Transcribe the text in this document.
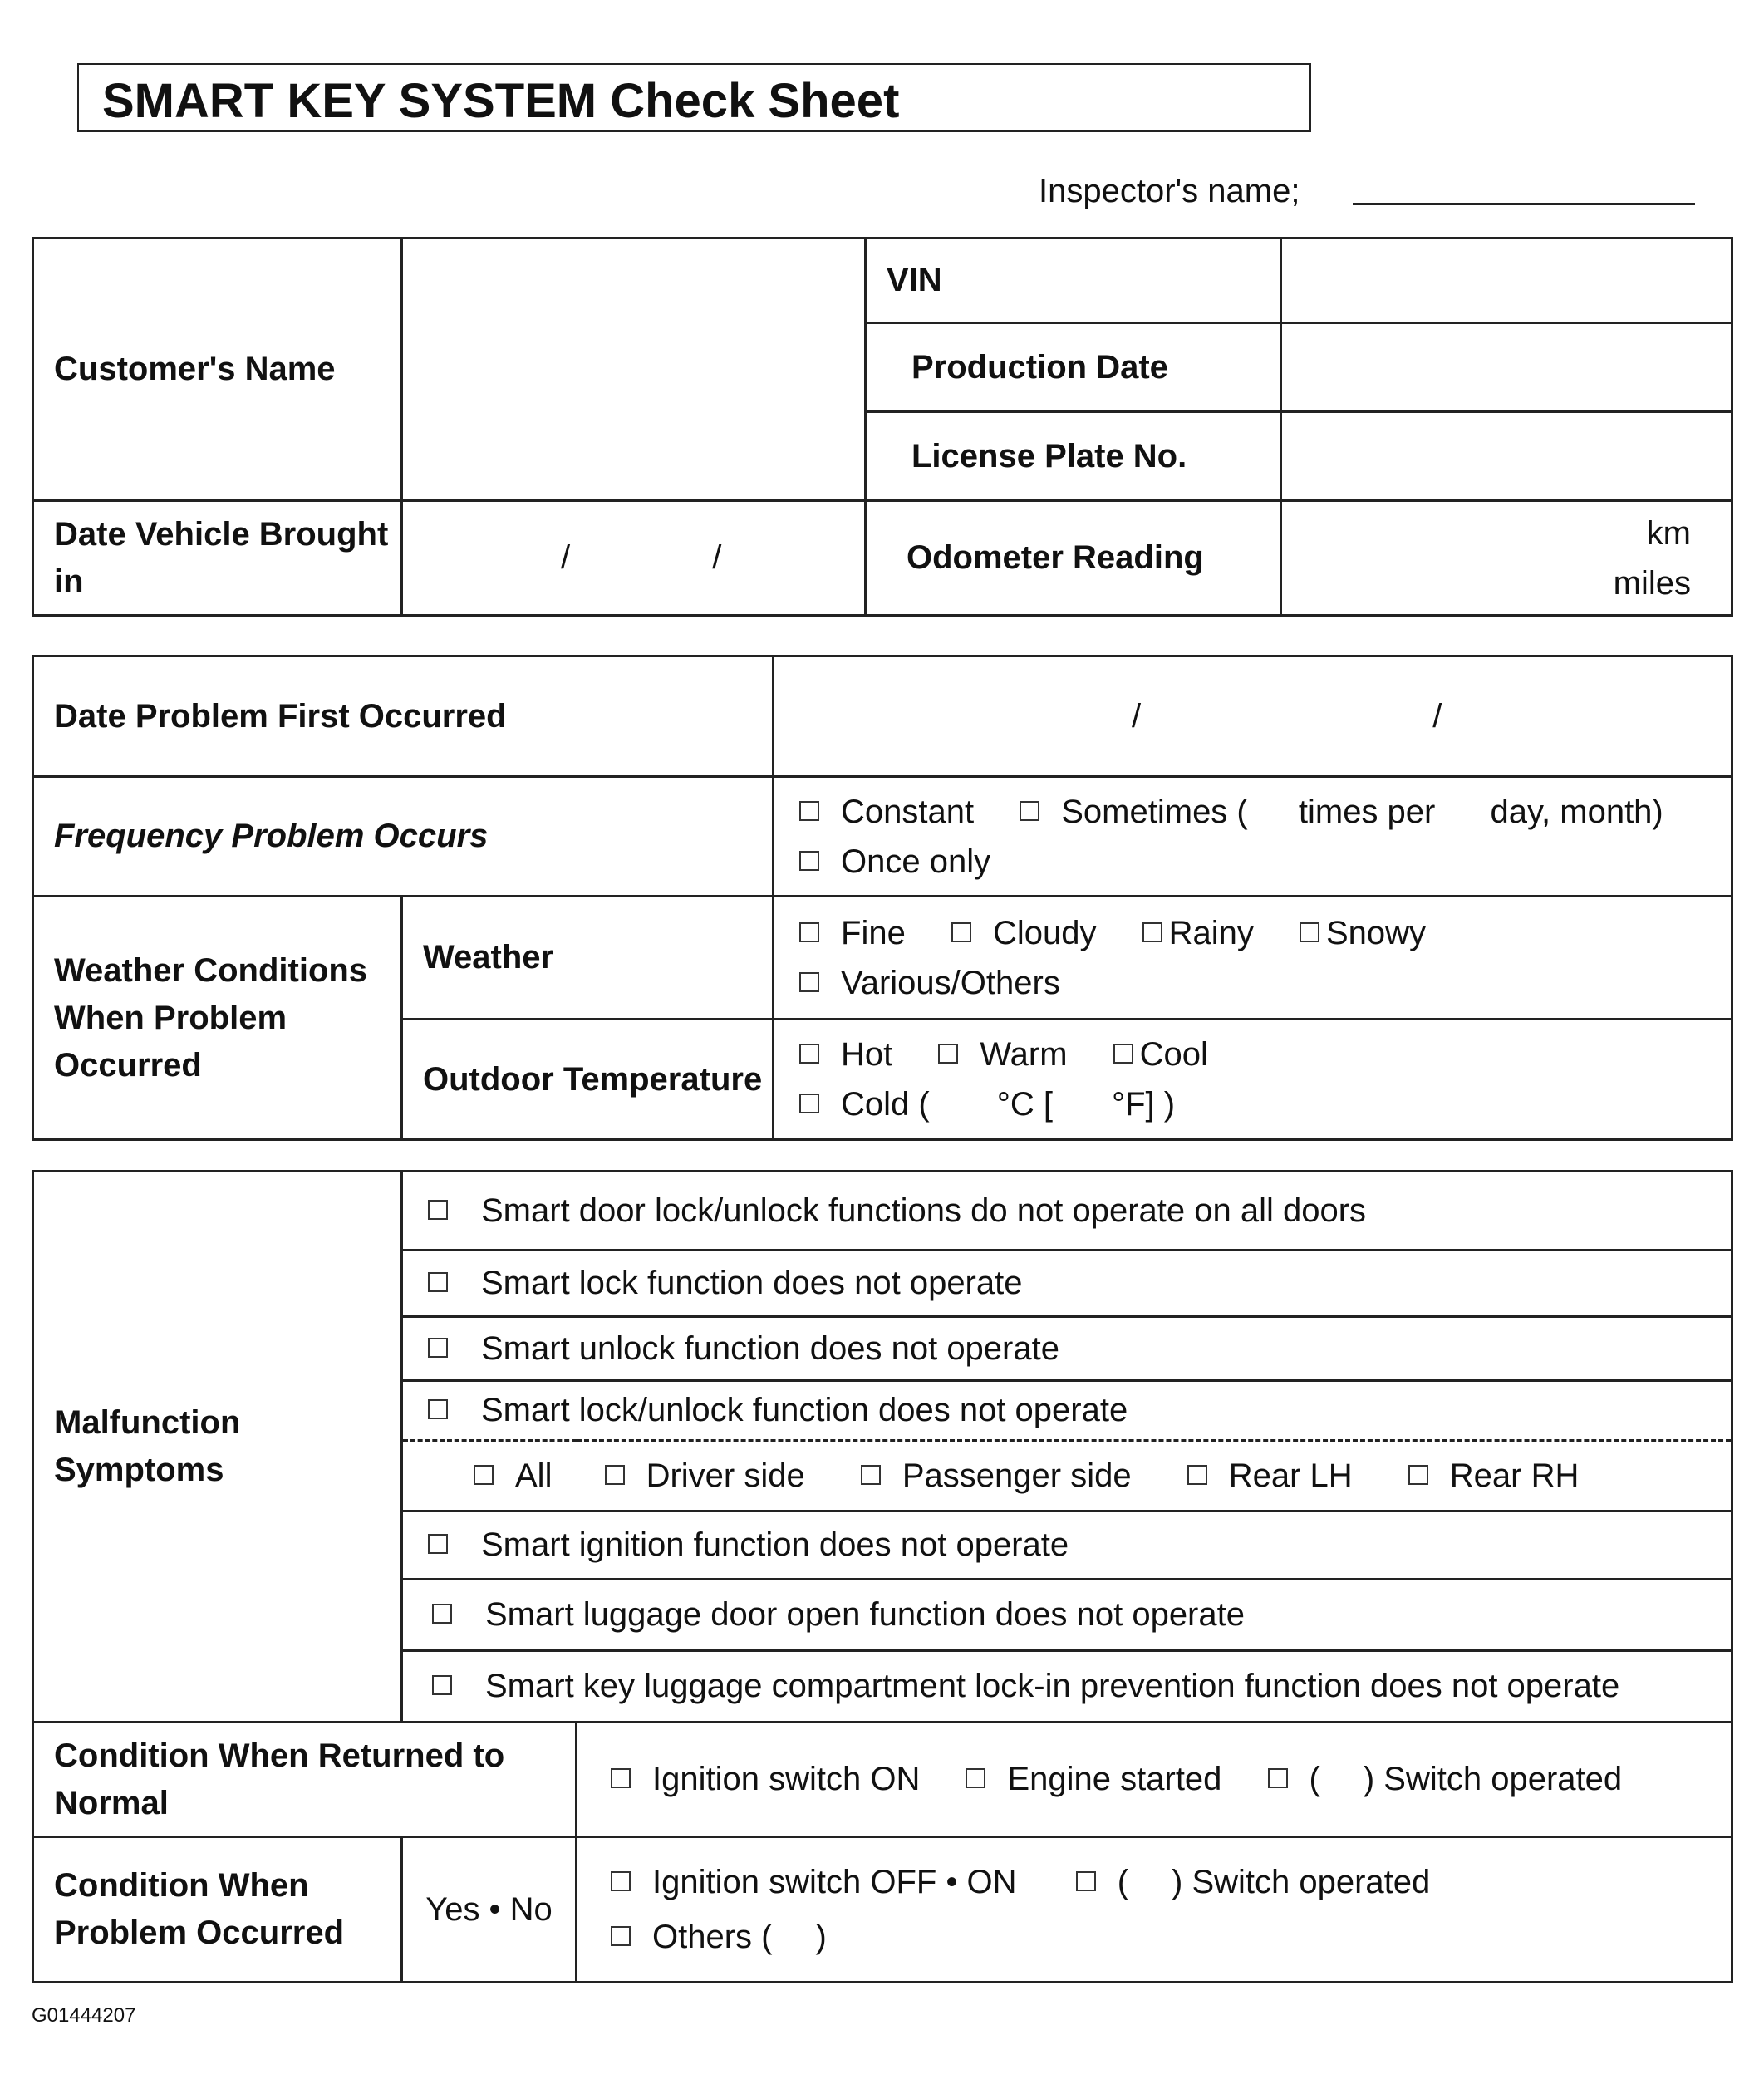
SMART KEY SYSTEM Check Sheet
Inspector's name;
Customer's Name		VIN	
		Production Date	
		License Plate No.	
Date Vehicle Brought in	/ /	Odometer Reading	km
miles
Date Problem First Occurred		/ /
Frequency Problem Occurs		Constant Sometimes ( times per day, month)
Once only

Weather Conditions When Problem Occurred	Weather	Fine Cloudy Rainy Snowy
Various/Others

	Outdoor Temperature	Hot Warm Cool
Cold ( °C [ °F] )
Malfunction Symptoms	Smart door lock/unlock functions do not operate on all doors	
	Smart lock function does not operate	
	Smart unlock function does not operate	
	Smart lock/unlock function does not operate	
	All Driver side Passenger side Rear LH Rear RH	
	Smart ignition function does not operate	
	Smart luggage door open function does not operate	
	Smart key luggage compartment lock-in prevention function does not operate	
Condition When Returned to Normal		Ignition switch ON Engine started ( ) Switch operated
Condition When Problem Occurred	Yes • No	Ignition switch OFF • ON ( ) Switch operated
Others ( )
G01444207
